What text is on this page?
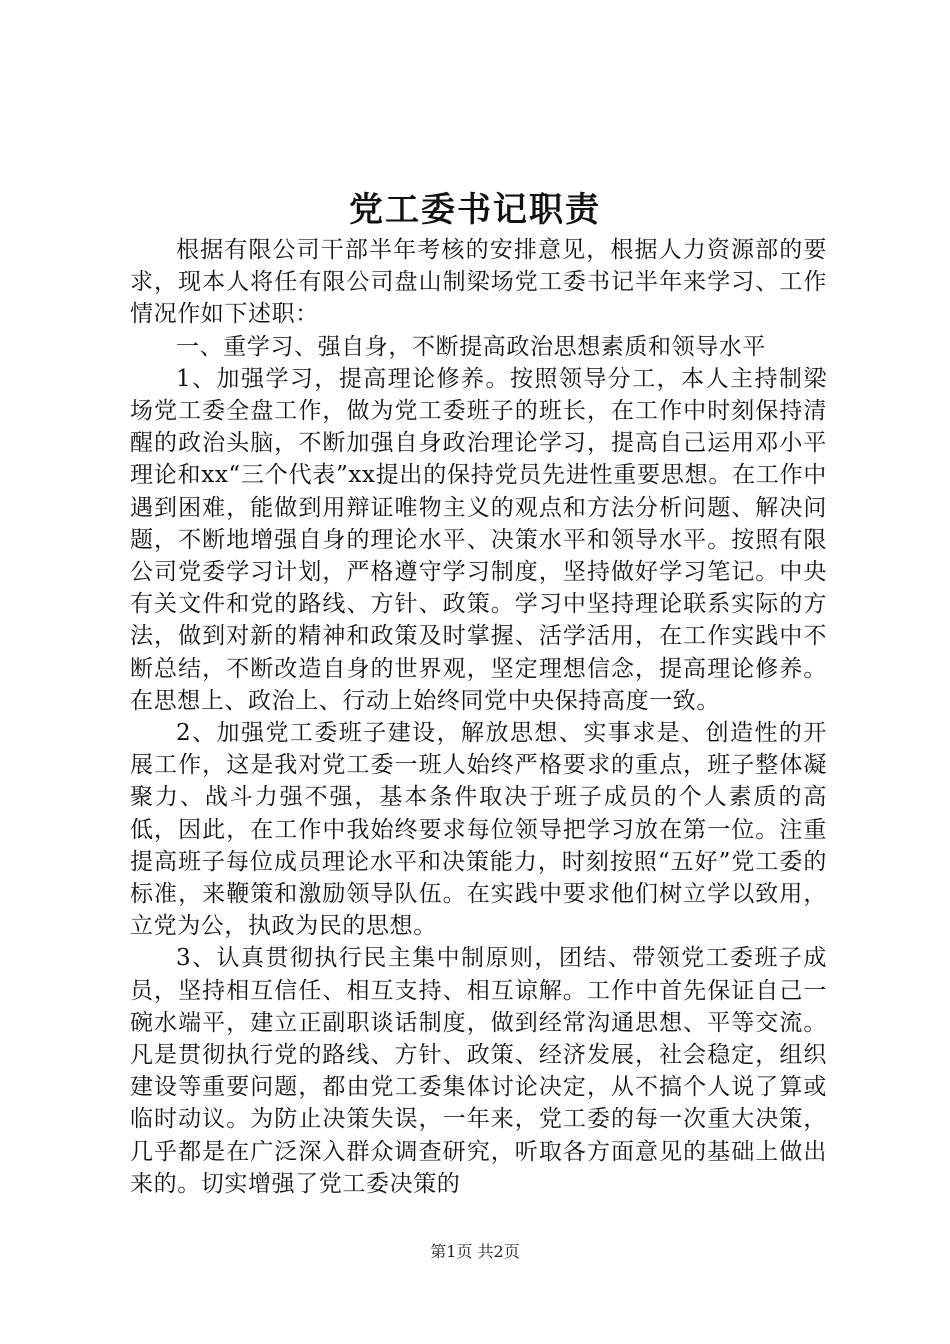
党工委书记职责

根据有限公司干部半年考核的安排意见，根据人力资源部的要求，现本人将任有限公司盘山制梁场党工委书记半年来学习、工作情况作如下述职：

一、重学习、强自身，不断提高政治思想素质和领导水平

1、加强学习，提高理论修养。按照领导分工，本人主持制梁场党工委全盘工作，做为党工委班子的班长，在工作中时刻保持清醒的政治头脑，不断加强自身政治理论学习，提高自己运用邓小平理论和xx“三个代表”xx提出的保持党员先进性重要思想。在工作中遇到困难，能做到用辩证唯物主义的观点和方法分析问题、解决问题，不断地增强自身的理论水平、决策水平和领导水平。按照有限公司党委学习计划，严格遵守学习制度，坚持做好学习笔记。中央有关文件和党的路线、方针、政策。学习中坚持理论联系实际的方法，做到对新的精神和政策及时掌握、活学活用，在工作实践中不断总结，不断改造自身的世界观，坚定理想信念，提高理论修养。在思想上、政治上、行动上始终同党中央保持高度一致。

2、加强党工委班子建设，解放思想、实事求是、创造性的开展工作，这是我对党工委一班人始终严格要求的重点，班子整体凝聚力、战斗力强不强，基本条件取决于班子成员的个人素质的高低，因此，在工作中我始终要求每位领导把学习放在第一位。注重提高班子每位成员理论水平和决策能力，时刻按照“五好”党工委的标准，来鞭策和激励领导队伍。在实践中要求他们树立学以致用，立党为公，执政为民的思想。

3、认真贯彻执行民主集中制原则，团结、带领党工委班子成员，坚持相互信任、相互支持、相互谅解。工作中首先保证自己一碗水端平，建立正副职谈话制度，做到经常沟通思想、平等交流。凡是贯彻执行党的路线、方针、政策、经济发展，社会稳定，组织建设等重要问题，都由党工委集体讨论决定，从不搞个人说了算或临时动议。为防止决策失误，一年来，党工委的每一次重大决策，几乎都是在广泛深入群众调查研究，听取各方面意见的基础上做出来的。切实增强了党工委决策的

第1页 共2页
